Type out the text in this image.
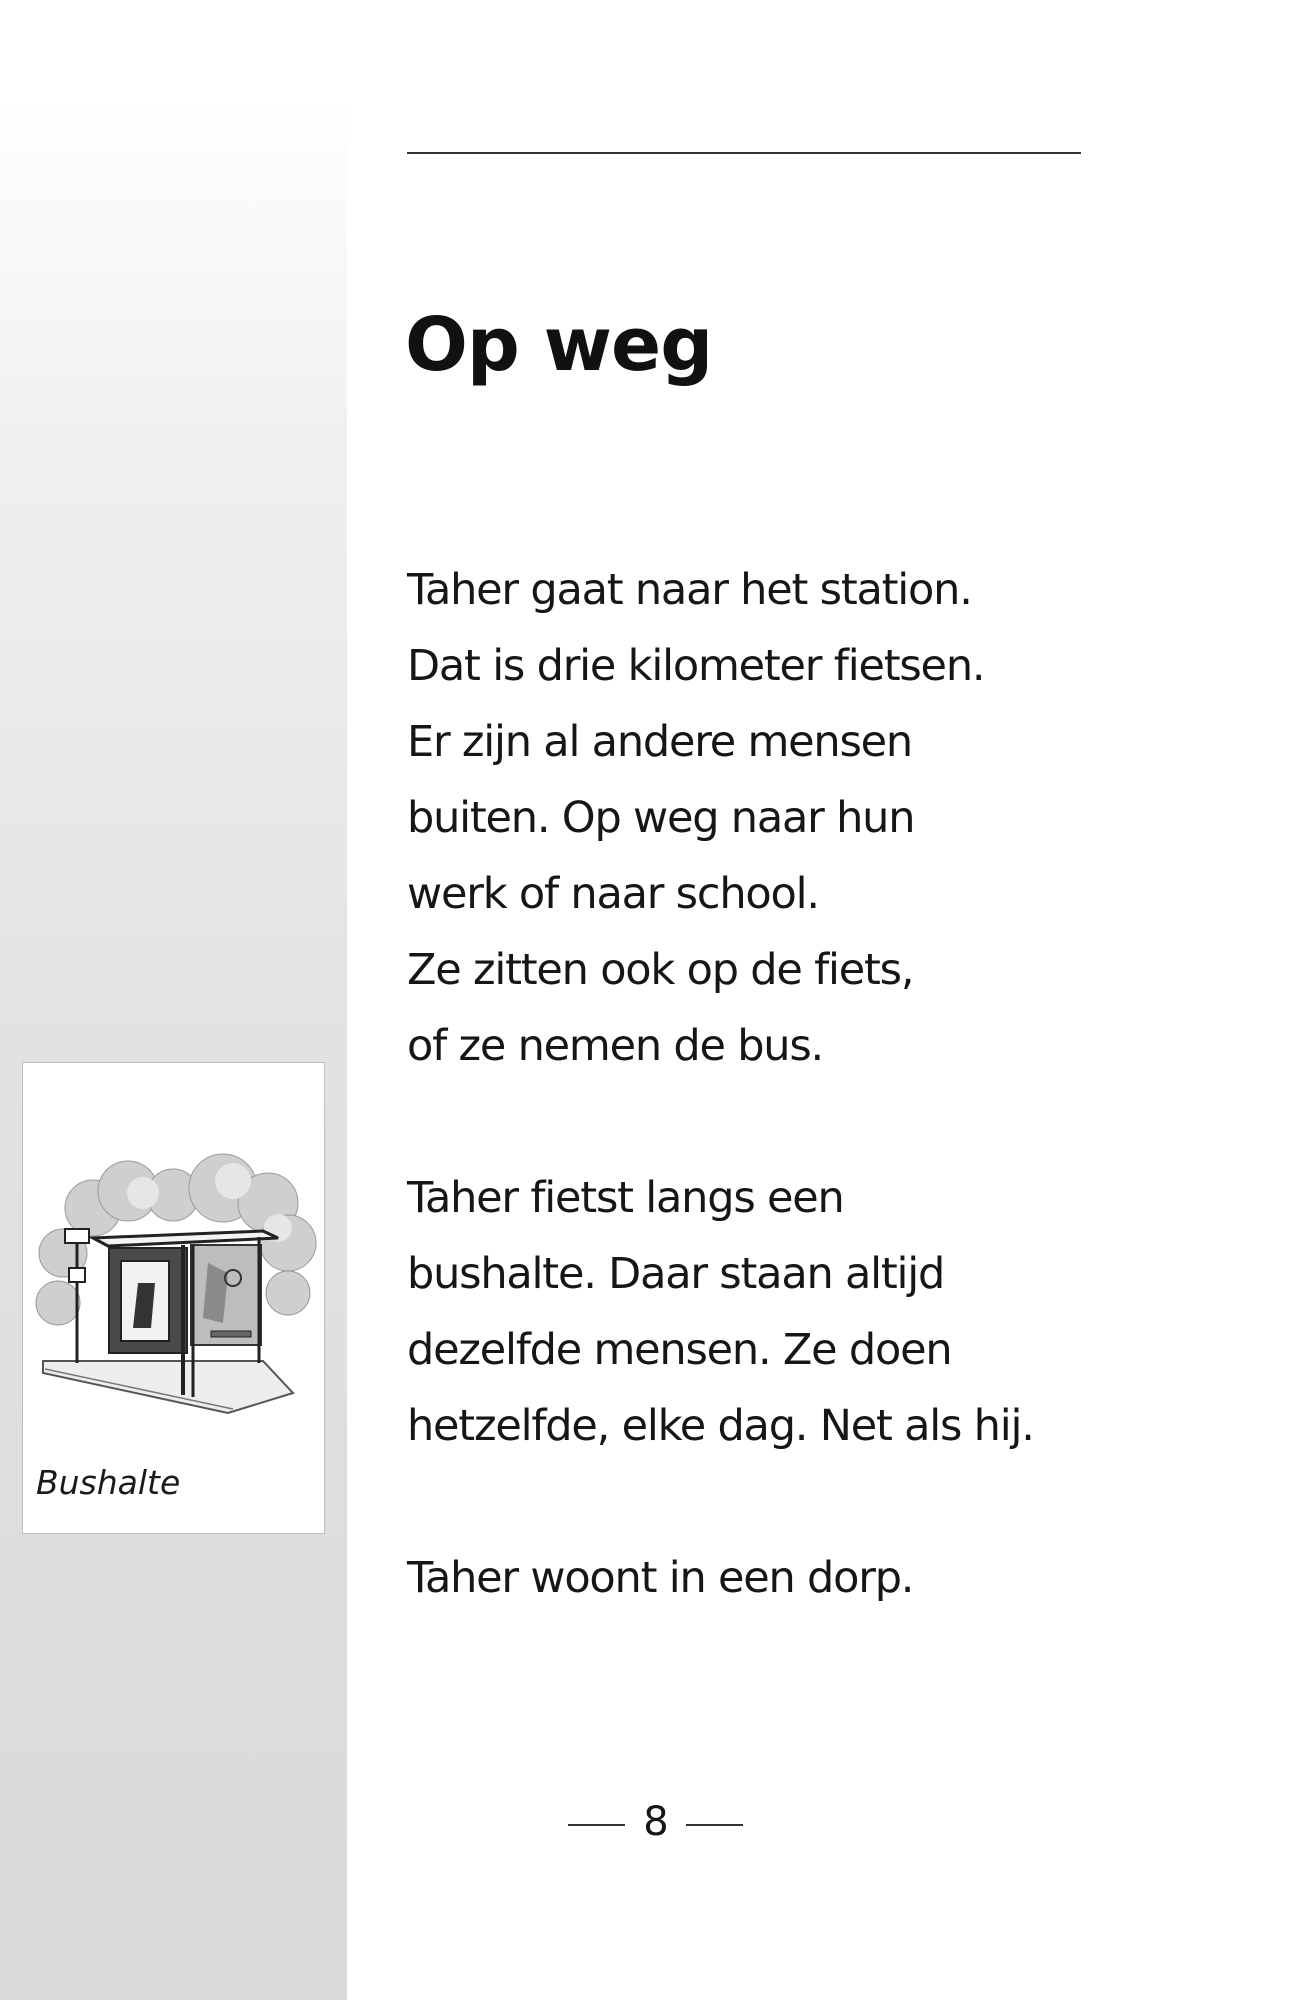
Op weg
Taher gaat naar het station.
Dat is drie kilometer fietsen.
Er zijn al andere mensen
buiten. Op weg naar hun
werk of naar school.
Ze zitten ook op de fiets,
of ze nemen de bus.
Taher fietst langs een
bushalte. Daar staan altijd
dezelfde mensen. Ze doen
hetzelfde, elke dag. Net als hij.
Taher woont in een dorp.
Bushalte
8
